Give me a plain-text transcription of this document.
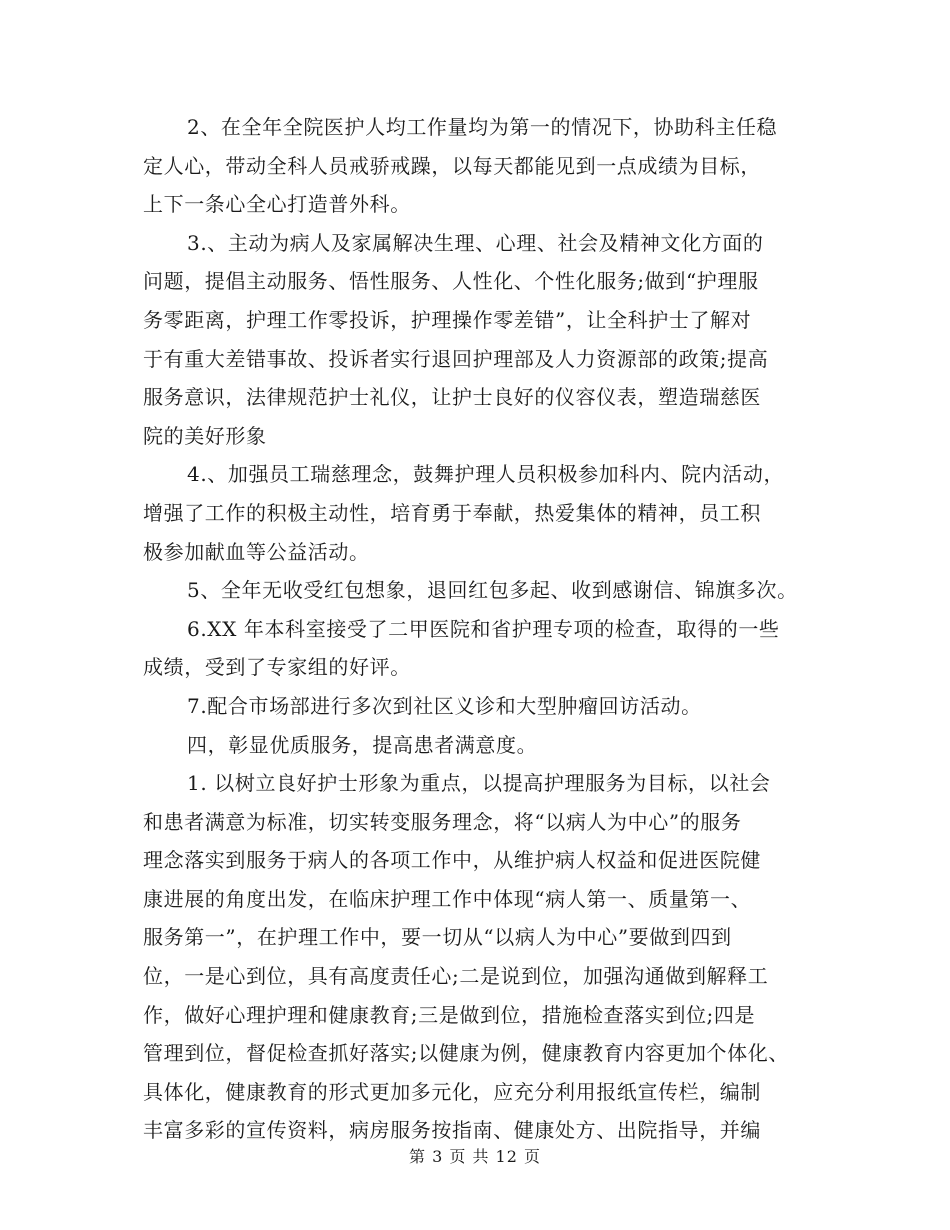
2、在全年全院医护人均工作量均为第一的情况下，协助科主任稳
定人心，带动全科人员戒骄戒躁，以每天都能见到一点成绩为目标，
上下一条心全心打造普外科。
3.、主动为病人及家属解决生理、心理、社会及精神文化方面的
问题，提倡主动服务、悟性服务、人性化、个性化服务;做到“护理服
务零距离，护理工作零投诉，护理操作零差错”，让全科护士了解对
于有重大差错事故、投诉者实行退回护理部及人力资源部的政策;提高
服务意识，法律规范护士礼仪，让护士良好的仪容仪表，塑造瑞慈医
院的美好形象
4.、加强员工瑞慈理念，鼓舞护理人员积极参加科内、院内活动，
增强了工作的积极主动性，培育勇于奉献，热爱集体的精神，员工积
极参加献血等公益活动。
5、全年无收受红包想象，退回红包多起、收到感谢信、锦旗多次。
6.XX 年本科室接受了二甲医院和省护理专项的检查，取得的一些
成绩，受到了专家组的好评。
7.配合市场部进行多次到社区义诊和大型肿瘤回访活动。
四，彰显优质服务，提高患者满意度。
1. 以树立良好护士形象为重点，以提高护理服务为目标，以社会
和患者满意为标准，切实转变服务理念，将“以病人为中心”的服务
理念落实到服务于病人的各项工作中，从维护病人权益和促进医院健
康进展的角度出发，在临床护理工作中体现“病人第一、质量第一、
服务第一”，在护理工作中，要一切从“以病人为中心”要做到四到
位，一是心到位，具有高度责任心;二是说到位，加强沟通做到解释工
作，做好心理护理和健康教育;三是做到位，措施检查落实到位;四是
管理到位，督促检查抓好落实;以健康为例，健康教育内容更加个体化、
具体化，健康教育的形式更加多元化，应充分利用报纸宣传栏，编制
丰富多彩的宣传资料，病房服务按指南、健康处方、出院指导，并编
第 3 页 共 12 页
